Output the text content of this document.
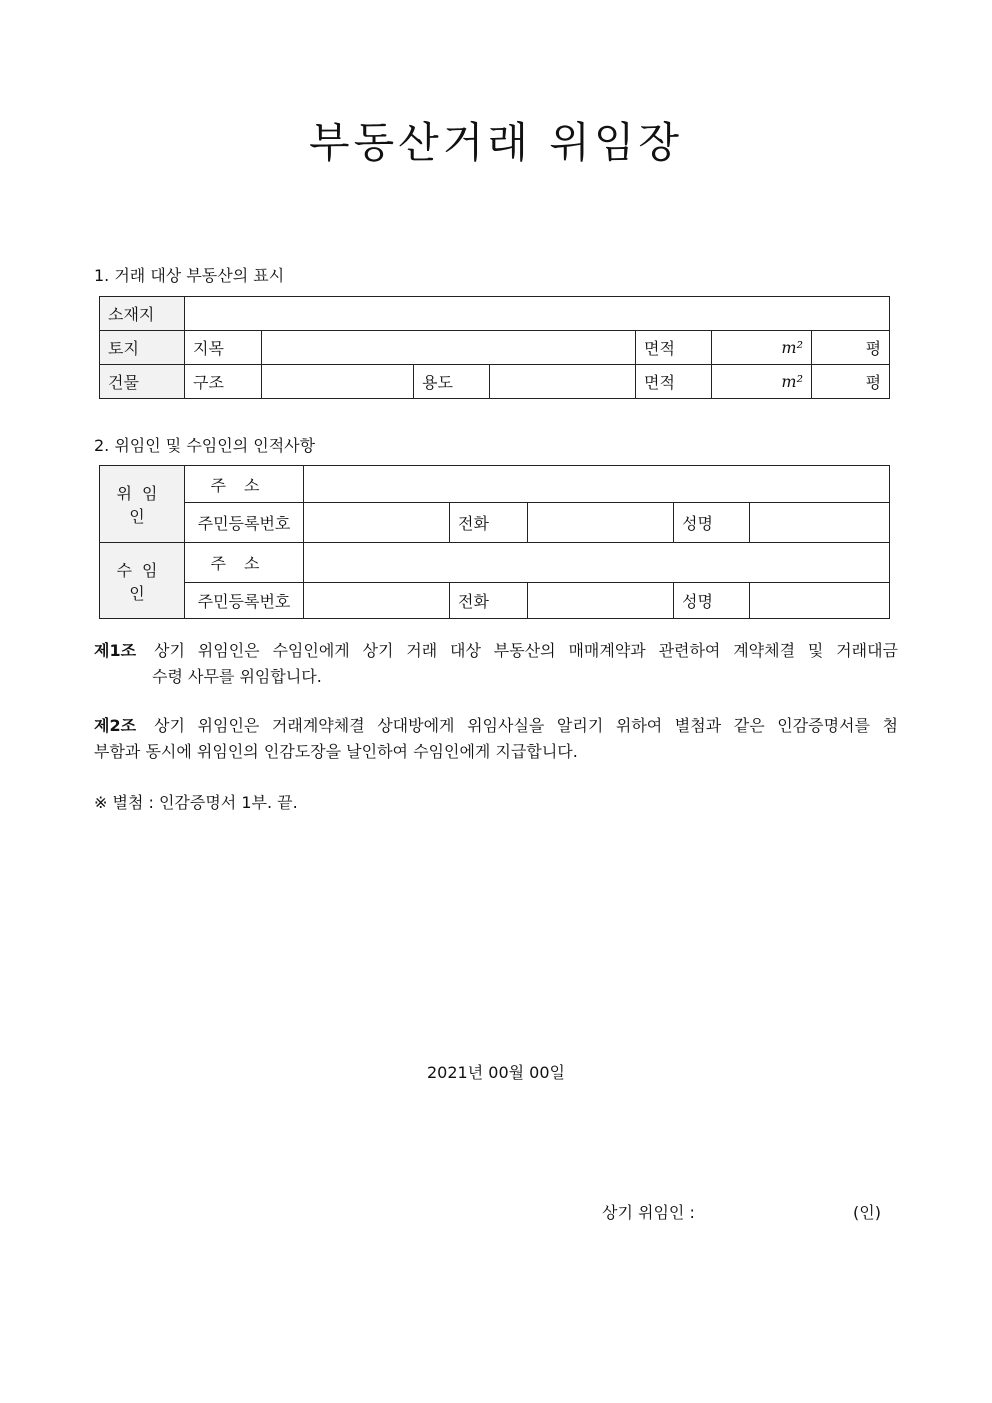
부동산거래 위임장
1. 거래 대상 부동산의 표시
소재지							
토지	지목				면적	m²	평
건물	구조		용도		면적	m²	평
2. 위임인 및 수임인의 인적사항
위임인	주소					
	주민등록번호		전화		성명	
수임인	주소					
	주민등록번호		전화		성명	
제1조 상기 위임인은 수임인에게 상기 거래 대상 부동산의 매매계약과 관련하여 계약체결 및 거래대금
수령 사무를 위임합니다.
제2조 상기 위임인은 거래계약체결 상대방에게 위임사실을 알리기 위하여 별첨과 같은 인감증명서를 첨
부함과 동시에 위임인의 인감도장을 날인하여 수임인에게 지급합니다.
※ 별첨 : 인감증명서 1부. 끝.
2021년 00월 00일
상기 위임인 :	(인)
